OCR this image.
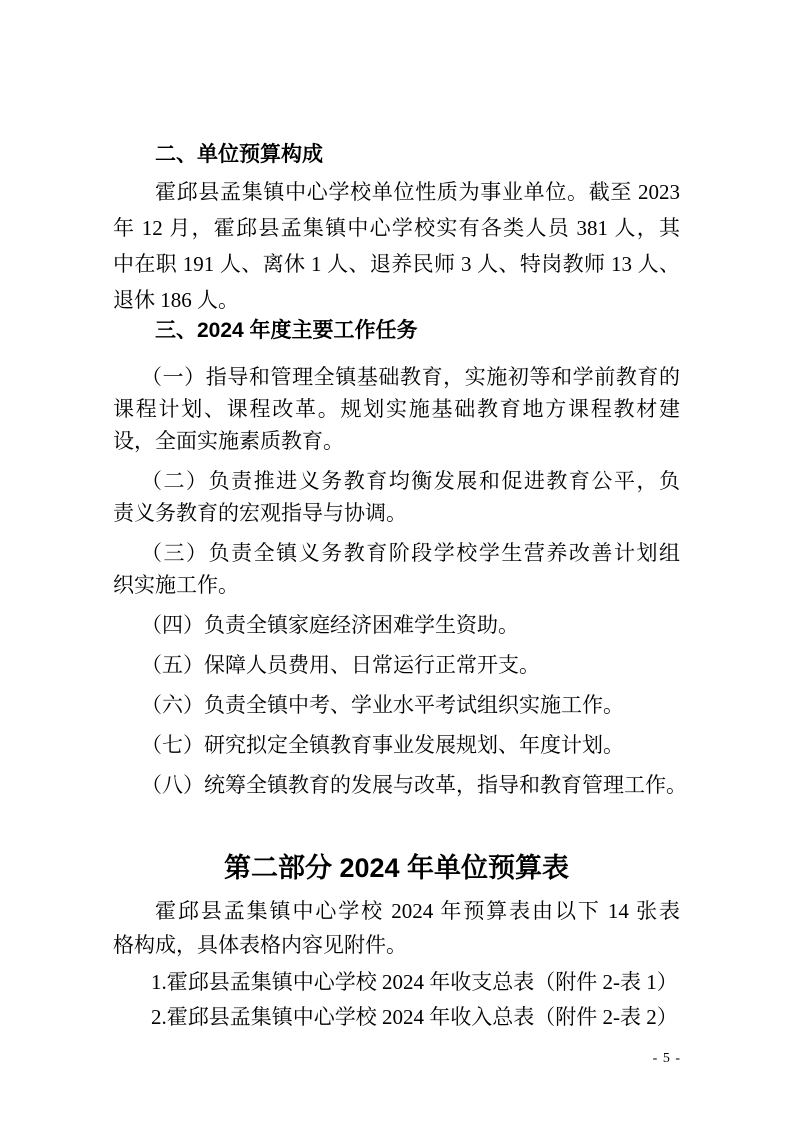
二、单位预算构成
霍邱县孟集镇中心学校单位性质为事业单位。截至 2023
年 12 月，霍邱县孟集镇中心学校实有各类人员 381 人，其
中在职 191 人、离休 1 人、退养民师 3 人、特岗教师 13 人、
退休 186 人。
三、2024 年度主要工作任务
（一）指导和管理全镇基础教育，实施初等和学前教育的
课程计划、课程改革。规划实施基础教育地方课程教材建
设，全面实施素质教育。
（二）负责推进义务教育均衡发展和促进教育公平，负
责义务教育的宏观指导与协调。
（三）负责全镇义务教育阶段学校学生营养改善计划组
织实施工作。
（四）负责全镇家庭经济困难学生资助。
（五）保障人员费用、日常运行正常开支。
（六）负责全镇中考、学业水平考试组织实施工作。
（七）研究拟定全镇教育事业发展规划、年度计划。
（八）统筹全镇教育的发展与改革，指导和教育管理工作。
第二部分 2024 年单位预算表
霍邱县孟集镇中心学校 2024 年预算表由以下 14 张表
格构成，具体表格内容见附件。

1.霍邱县孟集镇中心学校 2024 年收支总表（附件 2-表 1）

2.霍邱县孟集镇中心学校 2024 年收入总表（附件 2-表 2）

- 5 -
